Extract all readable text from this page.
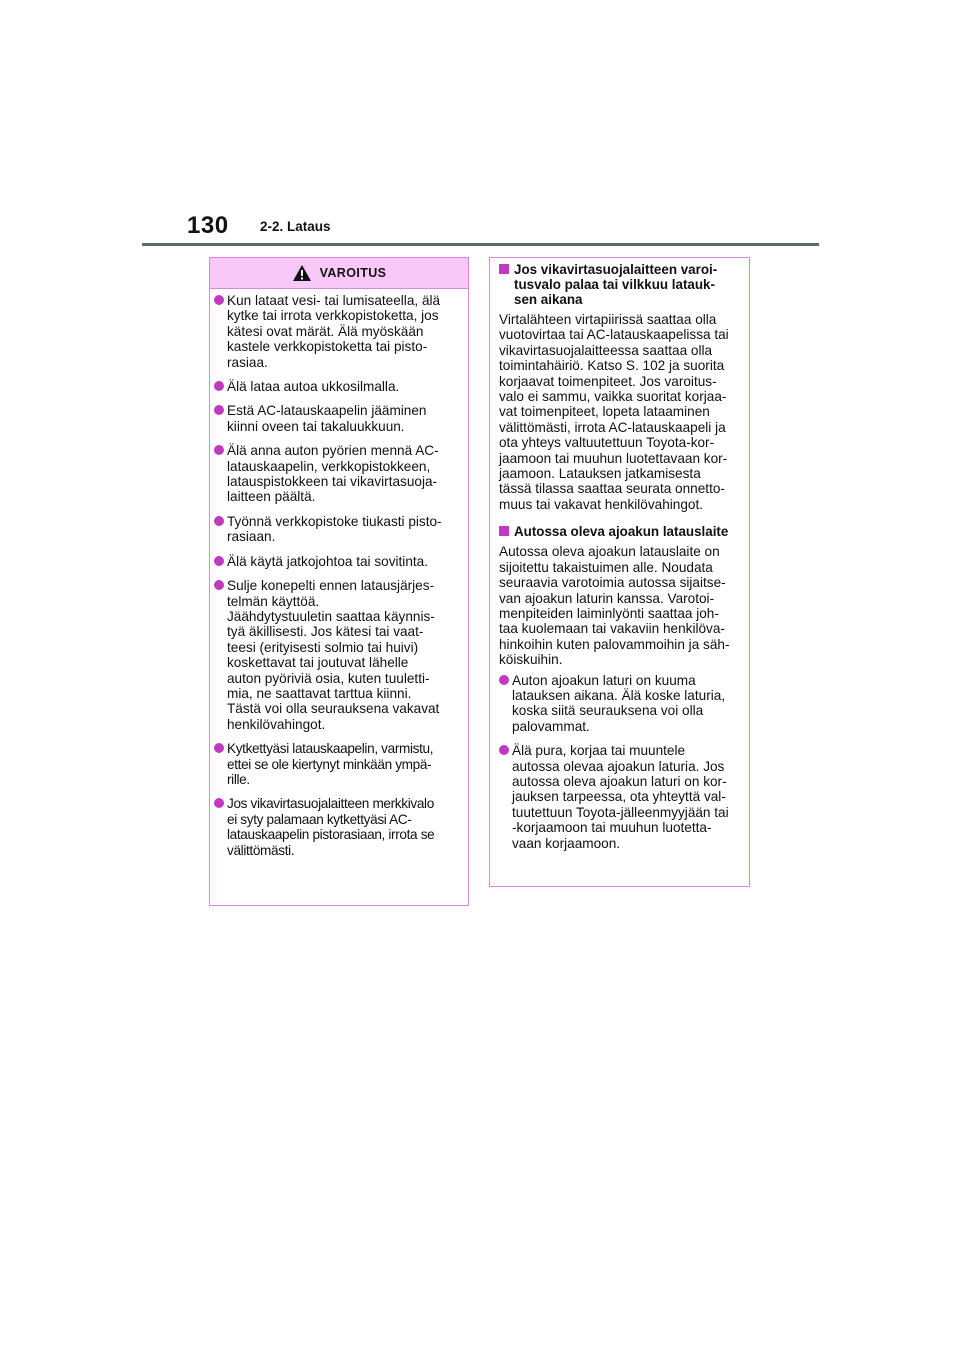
130 2-2. Lataus
VAROITUS
Kun lataat vesi- tai lumisateella, älä
kytke tai irrota verkkopistoketta, jos
kätesi ovat märät. Älä myöskään
kastele verkkopistoketta tai pisto-
rasiaa.
Älä lataa autoa ukkosilmalla.
Estä AC-latauskaapelin jääminen
kiinni oveen tai takaluukkuun.
Älä anna auton pyörien mennä AC-
latauskaapelin, verkkopistokkeen,
latauspistokkeen tai vikavirtasuoja-
laitteen päältä.
Työnnä verkkopistoke tiukasti pisto-
rasiaan.
Älä käytä jatkojohtoa tai sovitinta.
Sulje konepelti ennen latausjärjes-
telmän käyttöä.
Jäähdytystuuletin saattaa käynnis-
tyä äkillisesti. Jos kätesi tai vaat-
teesi (erityisesti solmio tai huivi)
koskettavat tai joutuvat lähelle
auton pyöriviä osia, kuten tuuletti-
mia, ne saattavat tarttua kiinni.
Tästä voi olla seurauksena vakavat
henkilövahingot.
Kytkettyäsi latauskaapelin, varmistu,
ettei se ole kiertynyt minkään ympä-
rille.
Jos vikavirtasuojalaitteen merkkivalo
ei syty palamaan kytkettyäsi AC-
latauskaapelin pistorasiaan, irrota se
välittömästi.
Jos vikavirtasuojalaitteen varoi-
tusvalo palaa tai vilkkuu latauk-
sen aikana

Virtalähteen virtapiirissä saattaa olla
vuotovirtaa tai AC-latauskaapelissa tai
vikavirtasuojalaitteessa saattaa olla
toimintahäiriö. Katso S. 102 ja suorita
korjaavat toimenpiteet. Jos varoitus-
valo ei sammu, vaikka suoritat korjaa-
vat toimenpiteet, lopeta lataaminen
välittömästi, irrota AC-latauskaapeli ja
ota yhteys valtuutettuun Toyota-kor-
jaamoon tai muuhun luotettavaan kor-
jaamoon. Latauksen jatkamisesta
tässä tilassa saattaa seurata onnetto-
muus tai vakavat henkilövahingot.

Autossa oleva ajoakun latauslaite

Autossa oleva ajoakun latauslaite on
sijoitettu takaistuimen alle. Noudata
seuraavia varotoimia autossa sijaitse-
van ajoakun laturin kanssa. Varotoi-
menpiteiden laiminlyönti saattaa joh-
taa kuolemaan tai vakaviin henkilöva-
hinkoihin kuten palovammoihin ja säh-
köiskuihin.

Auton ajoakun laturi on kuuma
latauksen aikana. Älä koske laturia,
koska siitä seurauksena voi olla
palovammat.
Älä pura, korjaa tai muuntele
autossa olevaa ajoakun laturia. Jos
autossa oleva ajoakun laturi on kor-
jauksen tarpeessa, ota yhteyttä val-
tuutettuun Toyota-jälleenmyyjään tai
-korjaamoon tai muuhun luotetta-
vaan korjaamoon.
